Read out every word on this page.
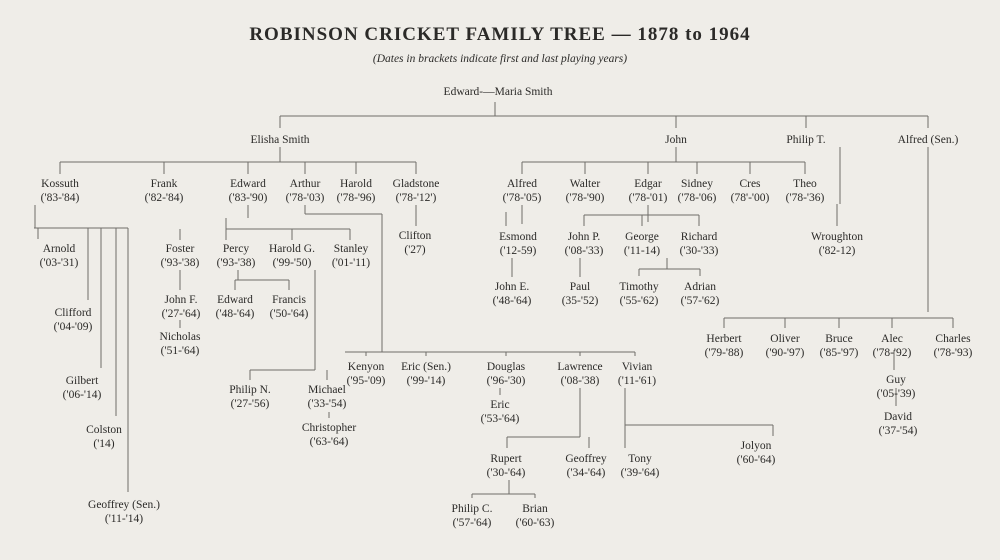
ROBINSON CRICKET FAMILY TREE — 1878 to 1964
(Dates in brackets indicate first and last playing years)
Edward-—Maria Smith
Elisha Smith	John	Philip T.	Alfred (Sen.)
Kossuth
('83-'84)
Frank
('82-'84)
Edward
('83-'90)
Arthur
('78-'03)
Harold
('78-'96)
Gladstone
('78-'12')
Alfred
('78-'05)
Walter
('78-'90)
Edgar
('78-'01)
Sidney
('78-'06)
Cres
(78'-'00)
Theo
('78-'36)
Arnold
('03-'31)
Clifford
('04-'09)
Gilbert
('06-'14)
Colston
('14)
Geoffrey (Sen.)
('11-'14)
Foster
('93-'38)
Percy
('93-'38)
Harold G.
('99-'50)
Stanley
('01-'11)
Clifton
('27)
John F.
('27-'64)
Edward
('48-'64)
Francis
('50-'64)
Nicholas
('51-'64)
Esmond
('12-59)
John E.
('48-'64)
John P.
('08-'33)
George
('11-14)
Richard
('30-'33)
Paul
(35-'52)
Timothy
('55-'62)
Adrian
('57-'62)
Wroughton
('82-12)
Herbert
('79-'88)
Oliver
('90-'97)
Bruce
('85-'97)
Alec
('78-'92)
Charles
('78-'93)
Guy
('05-'39)
David
('37-'54)
Kenyon
('95-'09)
Eric (Sen.)
('99-'14)
Douglas
('96-'30)
Lawrence
('08-'38)
Vivian
('11-'61)
Philip N.
('27-'56)
Michael
('33-'54)
Christopher
('63-'64)
Eric
('53-'64)
Rupert
('30-'64)
Geoffrey
('34-'64)
Tony
('39-'64)
Jolyon
('60-'64)
Philip C.
('57-'64)
Brian
('60-'63)
